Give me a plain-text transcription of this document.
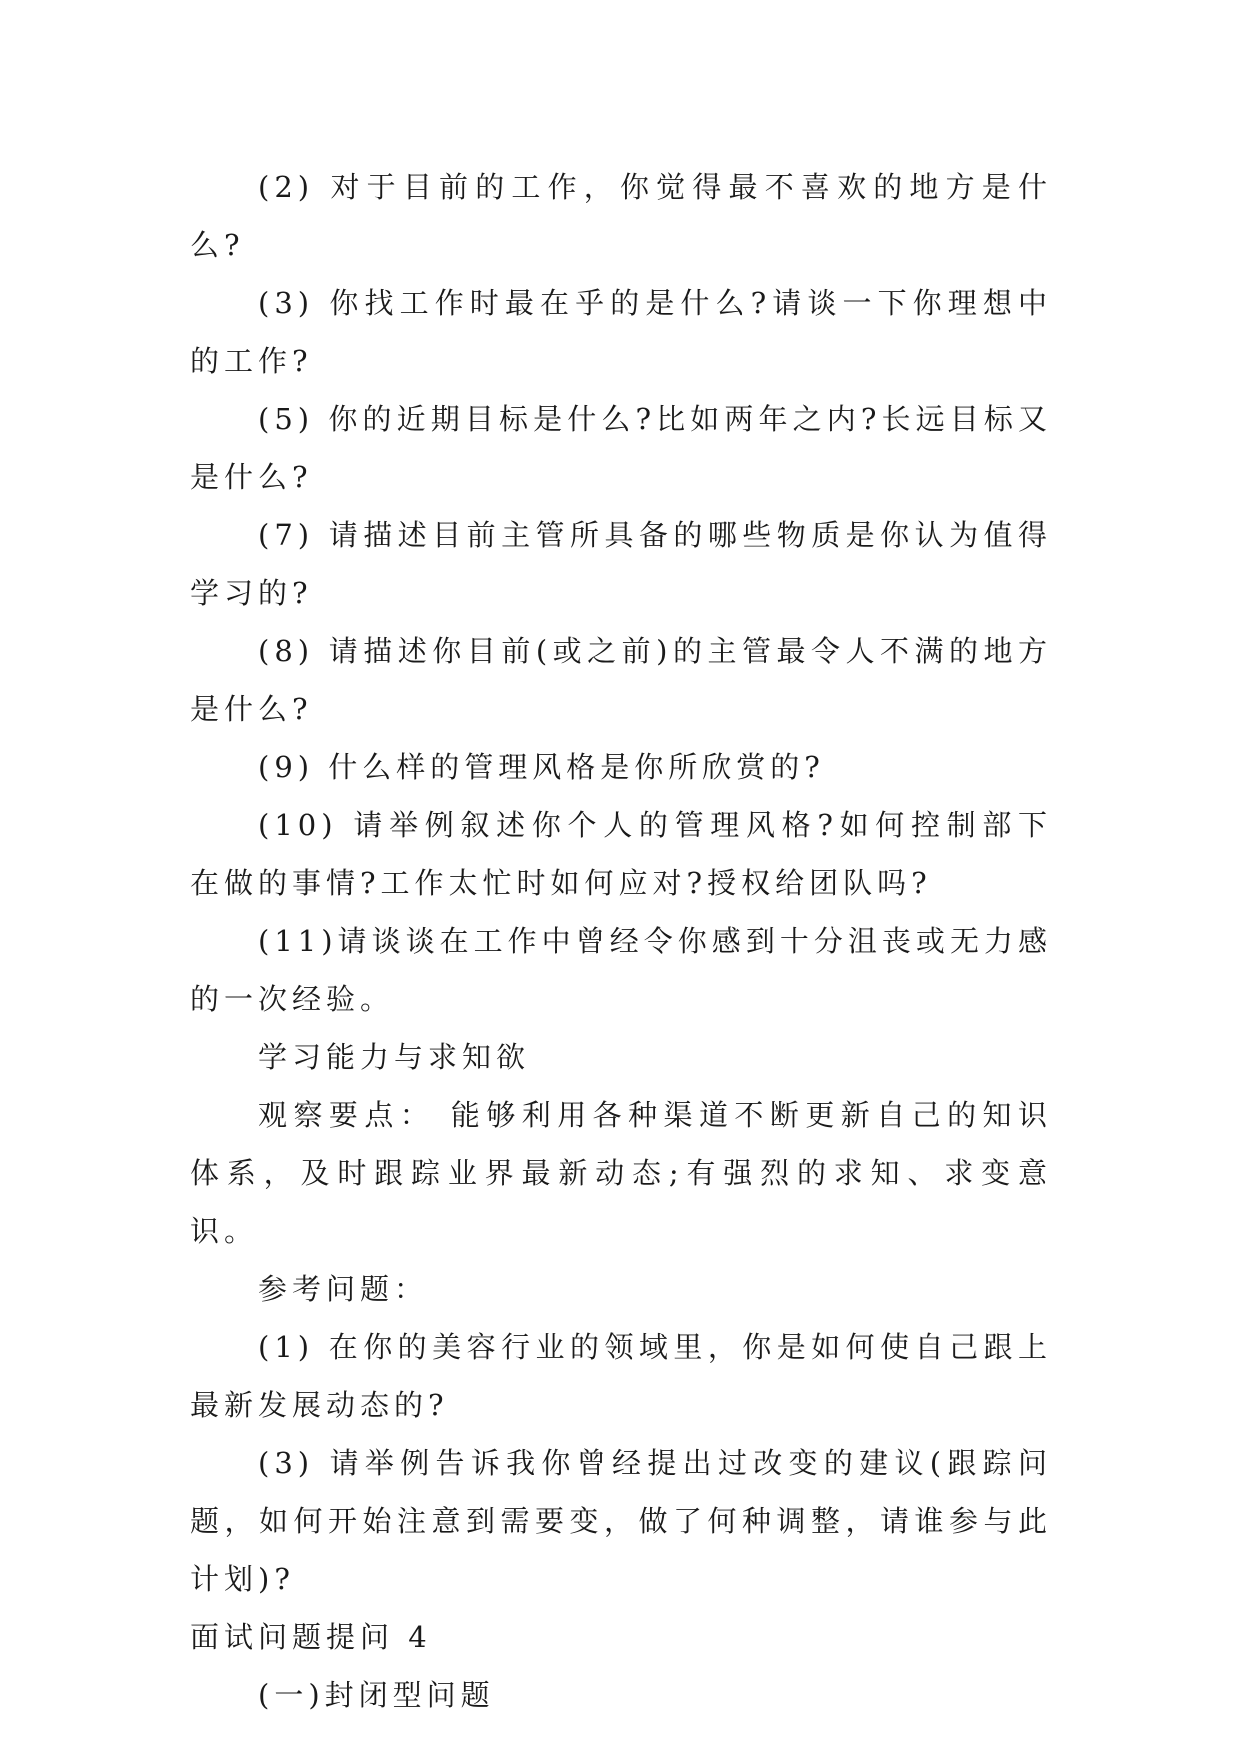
(2) 对于目前的工作，你觉得最不喜欢的地方是什么?

(3) 你找工作时最在乎的是什么?请谈一下你理想中的工作?

(5) 你的近期目标是什么?比如两年之内?长远目标又是什么?

(7) 请描述目前主管所具备的哪些物质是你认为值得学习的?

(8) 请描述你目前(或之前)的主管最令人不满的地方是什么?

(9) 什么样的管理风格是你所欣赏的?

(10) 请举例叙述你个人的管理风格?如何控制部下在做的事情?工作太忙时如何应对?授权给团队吗?

(11)请谈谈在工作中曾经令你感到十分沮丧或无力感的一次经验。

学习能力与求知欲

观察要点： 能够利用各种渠道不断更新自己的知识体系，及时跟踪业界最新动态;有强烈的求知、求变意识。

参考问题：

(1) 在你的美容行业的领域里，你是如何使自己跟上最新发展动态的?

(3) 请举例告诉我你曾经提出过改变的建议(跟踪问题，如何开始注意到需要变，做了何种调整，请谁参与此计划)?

面试问题提问 4

(一)封闭型问题
